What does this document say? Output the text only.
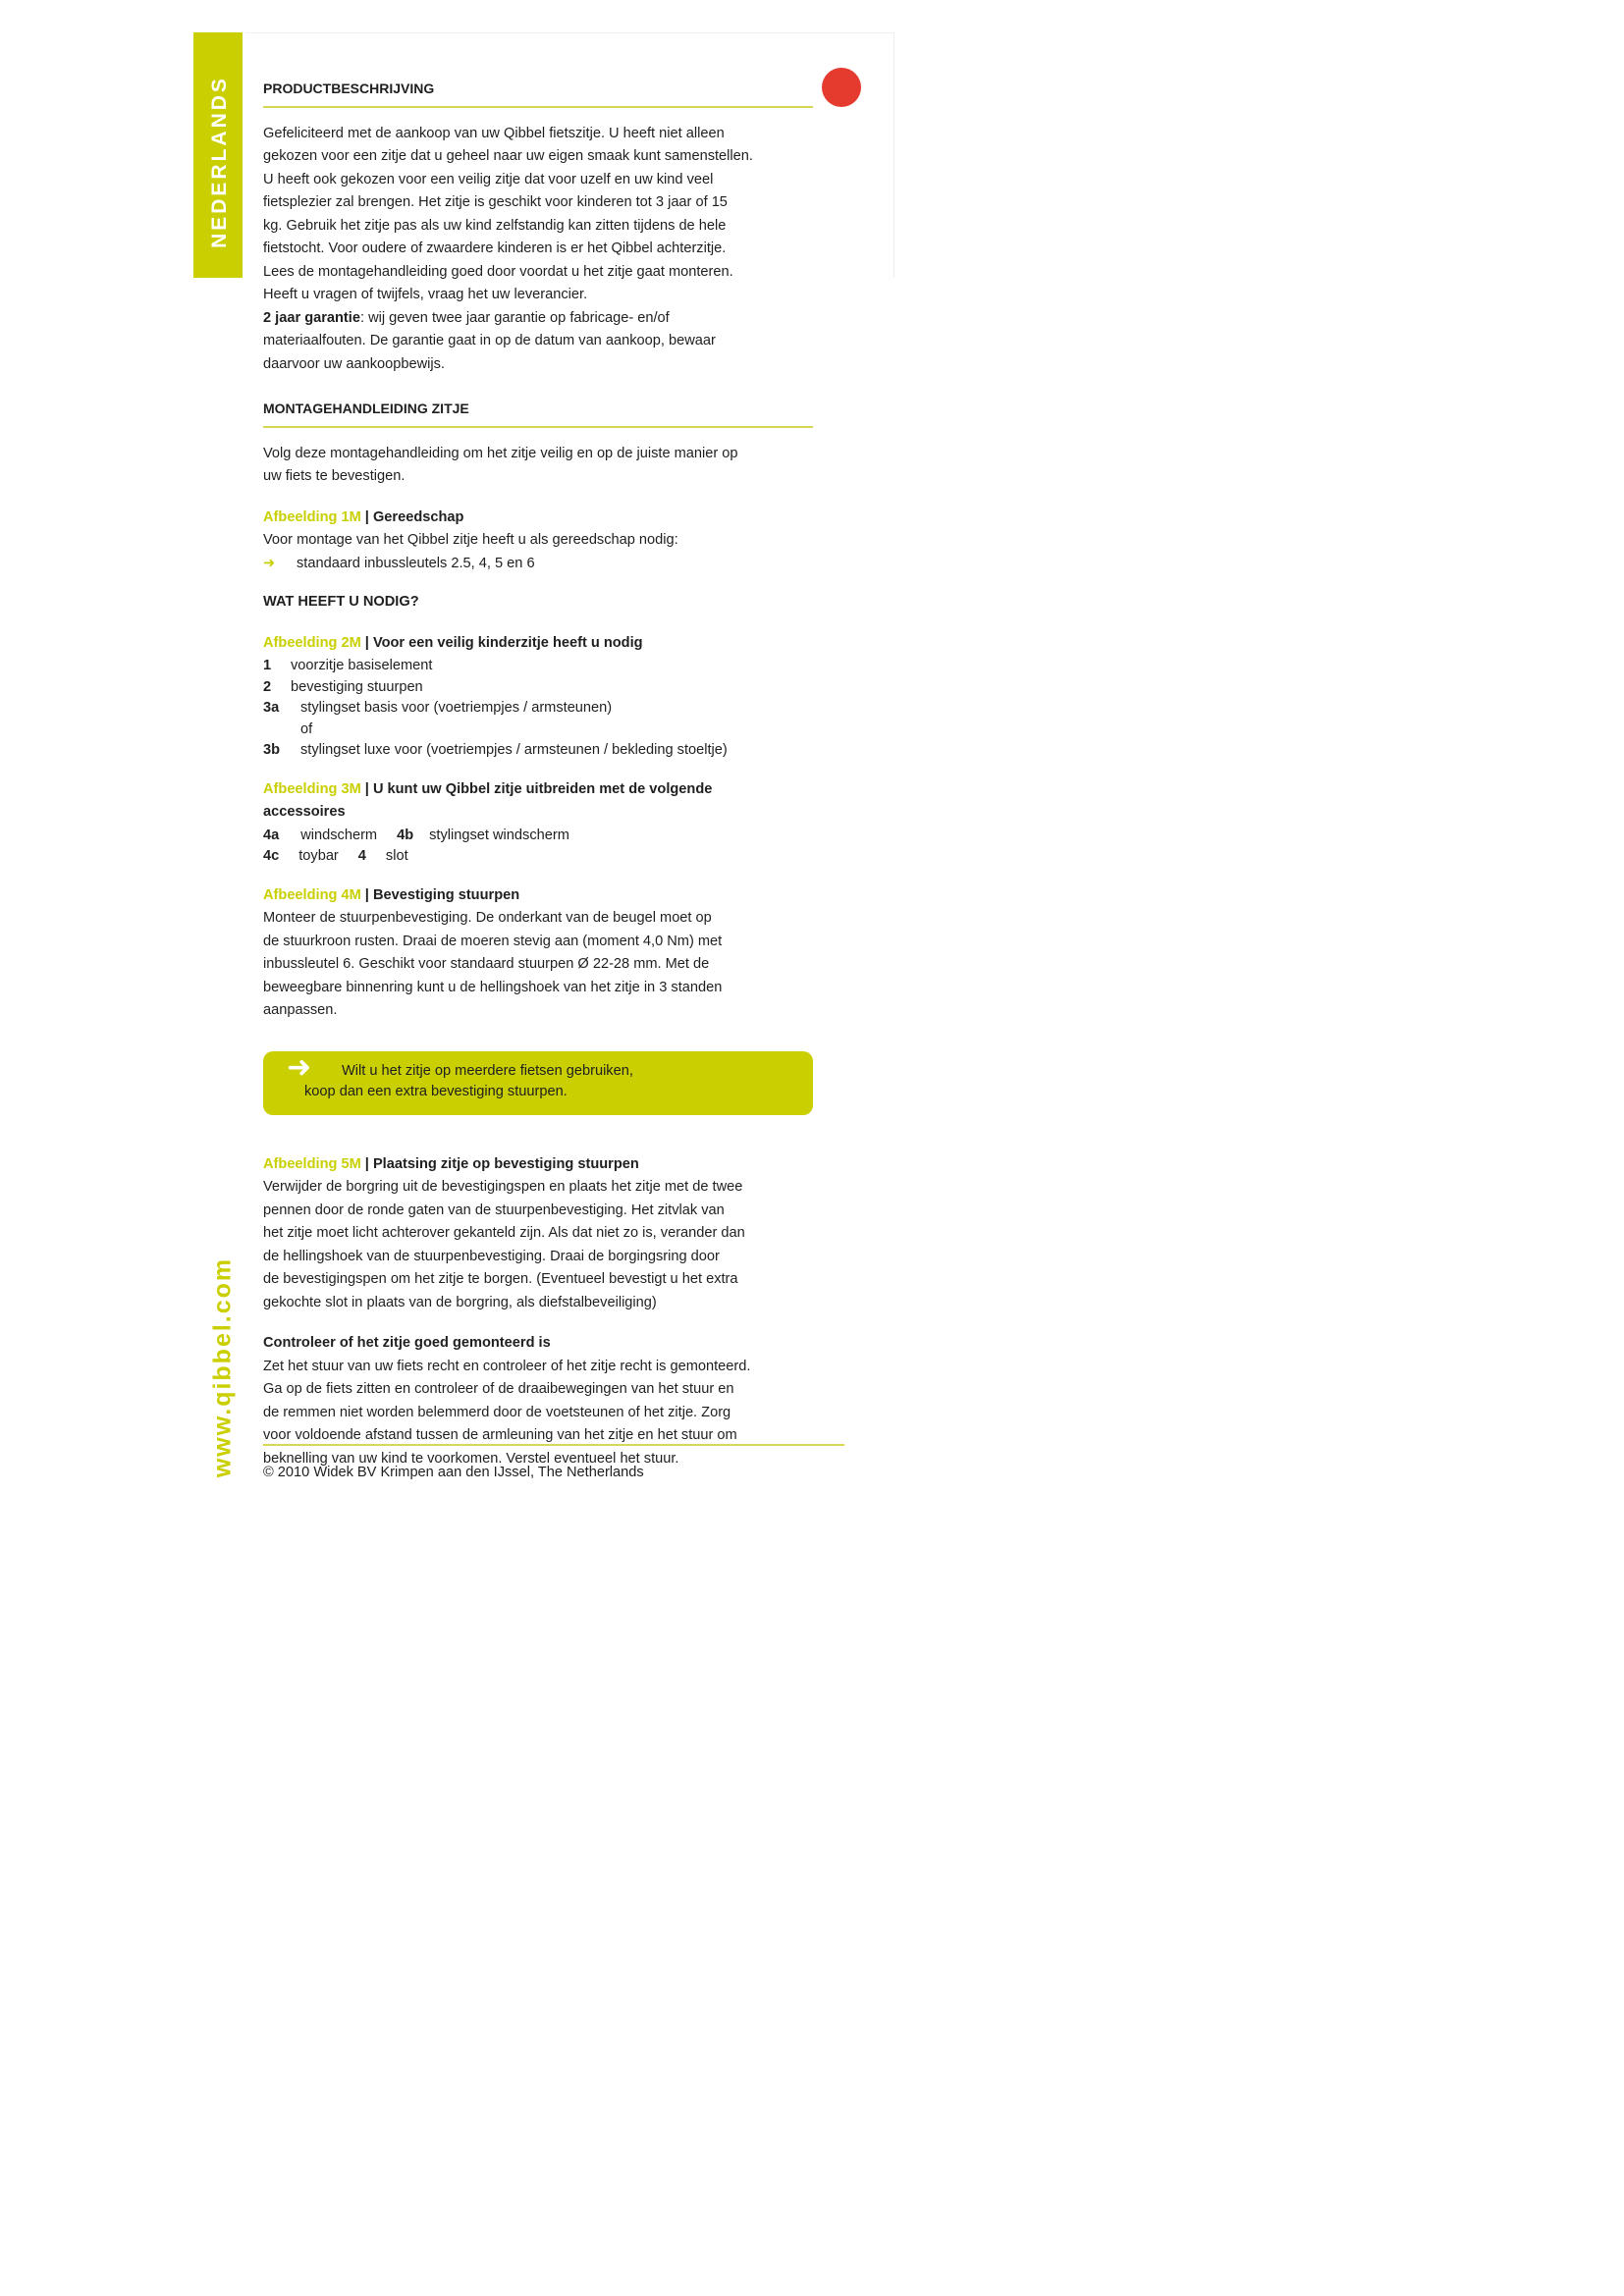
NEDERLANDS
www.qibbel.com
PRODUCTBESCHRIJVING

Gefeliciteerd met de aankoop van uw Qibbel fietszitje. U heeft niet alleen

gekozen voor een zitje dat u geheel naar uw eigen smaak kunt samenstellen.

U heeft ook gekozen voor een veilig zitje dat voor uzelf en uw kind veel

fietsplezier zal brengen. Het zitje is geschikt voor kinderen tot 3 jaar of 15

kg. Gebruik het zitje pas als uw kind zelfstandig kan zitten tijdens de hele

fietstocht. Voor oudere of zwaardere kinderen is er het Qibbel achterzitje.

Lees de montagehandleiding goed door voordat u het zitje gaat monteren.

Heeft u vragen of twijfels, vraag het uw leverancier.

2 jaar garantie: wij geven twee jaar garantie op fabricage- en/of

materiaalfouten. De garantie gaat in op de datum van aankoop, bewaar

daarvoor uw aankoopbewijs.

MONTAGEHANDLEIDING ZITJE

Volg deze montagehandleiding om het zitje veilig en op de juiste manier op

uw fiets te bevestigen.

Afbeelding 1M | Gereedschap

Voor montage van het Qibbel zitje heeft u als gereedschap nodig:

➜	standaard inbussleutels 2.5, 4, 5 en 6

WAT HEEFT U NODIG?

Afbeelding 2M | Voor een veilig kinderzitje heeft u nodig

1	voorzitje basiselement
2	bevestiging stuurpen
3a	stylingset basis voor (voetriempjes / armsteunen)
of
3b	stylingset luxe voor (voetriempjes / armsteunen / bekleding stoeltje)

Afbeelding 3M | U kunt uw Qibbel zitje uitbreiden met de volgende

accessoires

4a windscherm 4b stylingset windscherm
4c toybar 4 slot

Afbeelding 4M | Bevestiging stuurpen

Monteer de stuurpenbevestiging. De onderkant van de beugel moet op

de stuurkroon rusten. Draai de moeren stevig aan (moment 4,0 Nm) met

inbussleutel 6. Geschikt voor standaard stuurpen Ø 22-28 mm. Met de

beweegbare binnenring kunt u de hellingshoek van het zitje in 3 standen

aanpassen.

➜	Wilt u het zitje op meerdere fietsen gebruiken,
koop dan een extra bevestiging stuurpen.

Afbeelding 5M | Plaatsing zitje op bevestiging stuurpen

Verwijder de borgring uit de bevestigingspen en plaats het zitje met de twee

pennen door de ronde gaten van de stuurpenbevestiging. Het zitvlak van

het zitje moet licht achterover gekanteld zijn. Als dat niet zo is, verander dan

de hellingshoek van de stuurpenbevestiging. Draai de borgingsring door

de bevestigingspen om het zitje te borgen. (Eventueel bevestigt u het extra

gekochte slot in plaats van de borgring, als diefstalbeveiliging)

Controleer of het zitje goed gemonteerd is

Zet het stuur van uw fiets recht en controleer of het zitje recht is gemonteerd.

Ga op de fiets zitten en controleer of de draaibewegingen van het stuur en

de remmen niet worden belemmerd door de voetsteunen of het zitje. Zorg

voor voldoende afstand tussen de armleuning van het zitje en het stuur om

beknelling van uw kind te voorkomen. Verstel eventueel het stuur.

© 2010 Widek BV Krimpen aan den IJssel, The Netherlands
